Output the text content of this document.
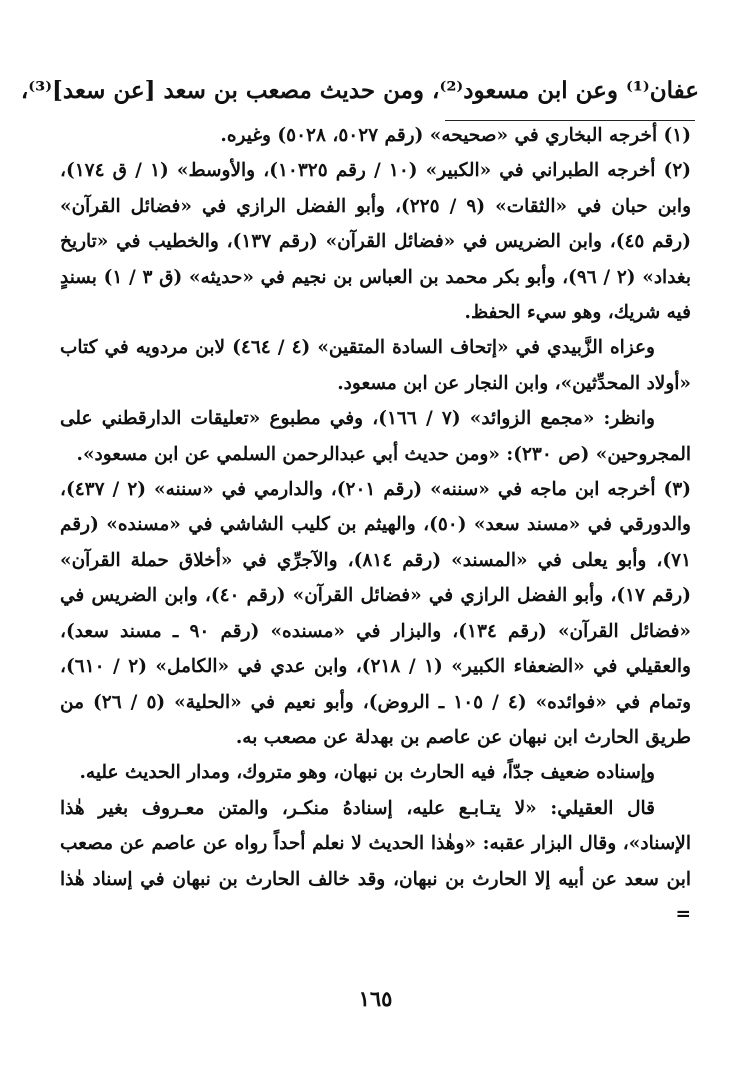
عفان⁽¹⁾ وعن ابن مسعود⁽²⁾، ومن حديث مصعب بن سعد [عن سعد]⁽³⁾،

(١) أخرجه البخاري في «صحيحه» (رقم ٥٠٢٧، ٥٠٢٨) وغيره.

(٢) أخرجه الطبراني في «الكبير» (١٠ / رقم ١٠٣٢٥)، والأوسط» (١ / ق ١٧٤)، وابن حبان في «الثقات» (٩ / ٢٢٥)، وأبو الفضل الرازي في «فضائل القرآن» (رقم ٤٥)، وابن الضريس في «فضائل القرآن» (رقم ١٣٧)، والخطيب في «تاريخ بغداد» (٢ / ٩٦)، وأبو بكر محمد بن العباس بن نجيم في «حديثه» (ق ٣ / ١) بسندٍ فيه شريك، وهو سيء الحفظ.

وعزاه الزَّبيدي في «إتحاف السادة المتقين» (٤ / ٤٦٤) لابن مردويه في كتاب «أولاد المحدِّثين»، وابن النجار عن ابن مسعود.

وانظر: «مجمع الزوائد» (٧ / ١٦٦)، وفي مطبوع «تعليقات الدارقطني على المجروحين» (ص ٢٣٠): «ومن حديث أبي عبدالرحمن السلمي عن ابن مسعود».

(٣) أخرجه ابن ماجه في «سننه» (رقم ٢٠١)، والدارمي في «سننه» (٢ / ٤٣٧)، والدورقي في «مسند سعد» (٥٠)، والهيثم بن كليب الشاشي في «مسنده» (رقم ٧١)، وأبو يعلى في «المسند» (رقم ٨١٤)، والآجرِّي في «أخلاق حملة القرآن» (رقم ١٧)، وأبو الفضل الرازي في «فضائل القرآن» (رقم ٤٠)، وابن الضريس في «فضائل القرآن» (رقم ١٣٤)، والبزار في «مسنده» (رقم ٩٠ ـ مسند سعد)، والعقيلي في «الضعفاء الكبير» (١ / ٢١٨)، وابن عدي في «الكامل» (٢ / ٦١٠)، وتمام في «فوائده» (٤ / ١٠٥ ـ الروض)، وأبو نعيم في «الحلية» (٥ / ٢٦) من طريق الحارث ابن نبهان عن عاصم بن بهدلة عن مصعب به.

وإسناده ضعيف جدّاً، فيه الحارث بن نبهان، وهو متروك، ومدار الحديث عليه.

قال العقيلي: «لا يتـابـع عليه، إسنادهُ منكـر، والمتن معـروف بغير هٰذا الإسناد»، وقال البزار عقبه: «وهٰذا الحديث لا نعلم أحداً رواه عن عاصم عن مصعب ابن سعد عن أبيه إلا الحارث بن نبهان، وقد خالف الحارث بن نبهان في إسناد هٰذا =

١٦٥
